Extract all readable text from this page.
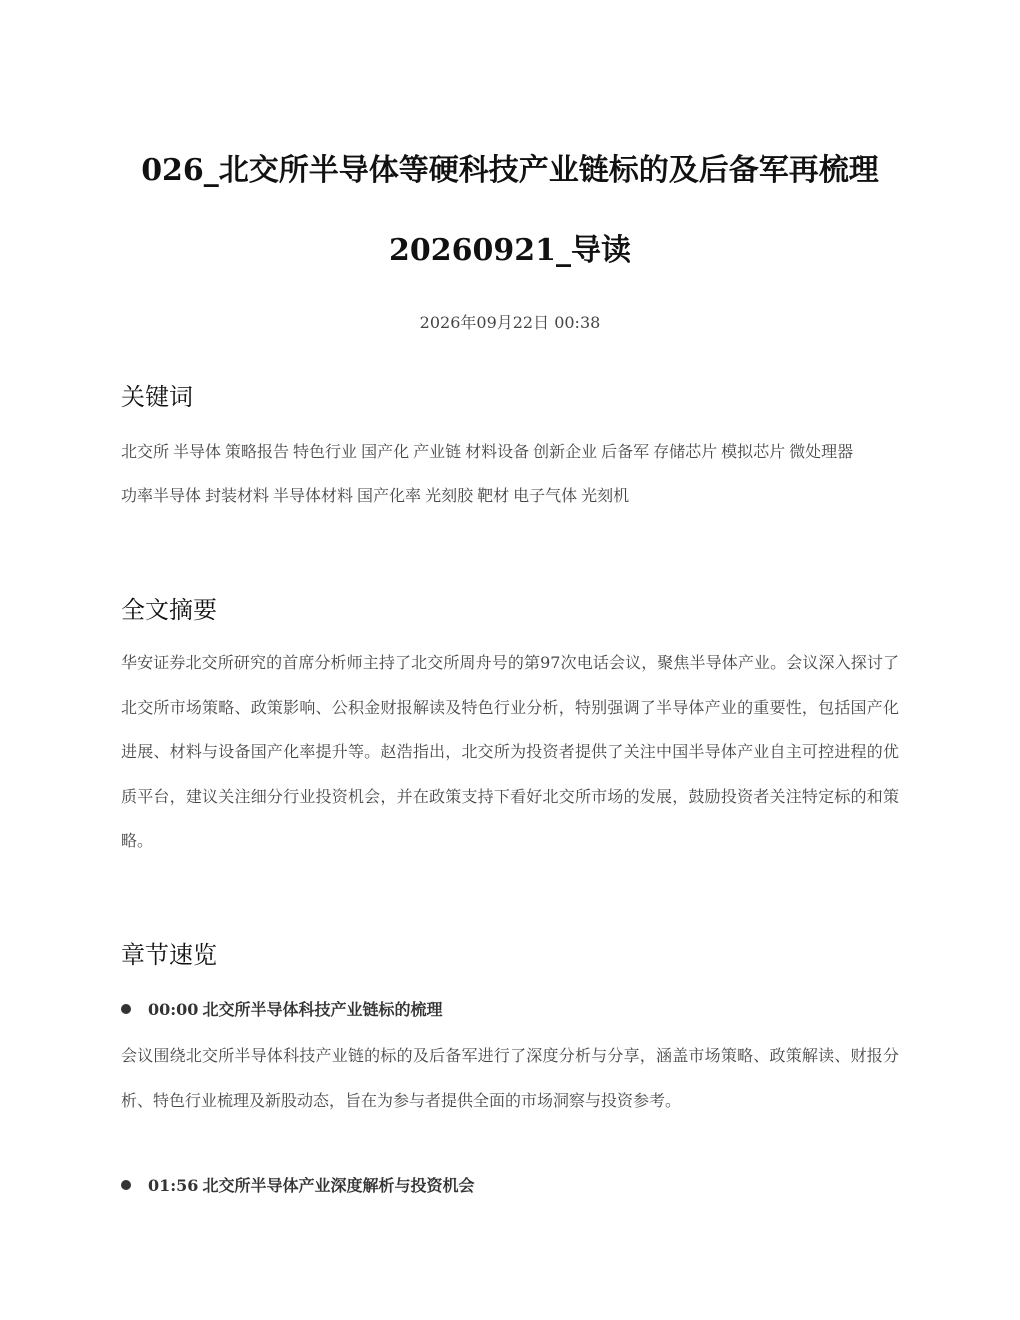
026_北交所半导体等硬科技产业链标的及后备军再梳理
20260921_导读
2026年09月22日 00:38
关键词

北交所 半导体 策略报告 特色行业 国产化 产业链 材料设备 创新企业 后备军 存储芯片 模拟芯片 微处理器
功率半导体 封装材料 半导体材料 国产化率 光刻胶 靶材 电子气体 光刻机

全文摘要

华安证券北交所研究的首席分析师主持了北交所周舟号的第97次电话会议，聚焦半导体产业。会议深入探讨了北交所市场策略、政策影响、公积金财报解读及特色行业分析，特别强调了半导体产业的重要性，包括国产化进展、材料与设备国产化率提升等。赵浩指出，北交所为投资者提供了关注中国半导体产业自主可控进程的优质平台，建议关注细分行业投资机会，并在政策支持下看好北交所市场的发展，鼓励投资者关注特定标的和策略。

章节速览
00:00 北交所半导体科技产业链标的梳理

会议围绕北交所半导体科技产业链的标的及后备军进行了深度分析与分享，涵盖市场策略、政策解读、财报分析、特色行业梳理及新股动态，旨在为参与者提供全面的市场洞察与投资参考。

01:56 北交所半导体产业深度解析与投资机会
